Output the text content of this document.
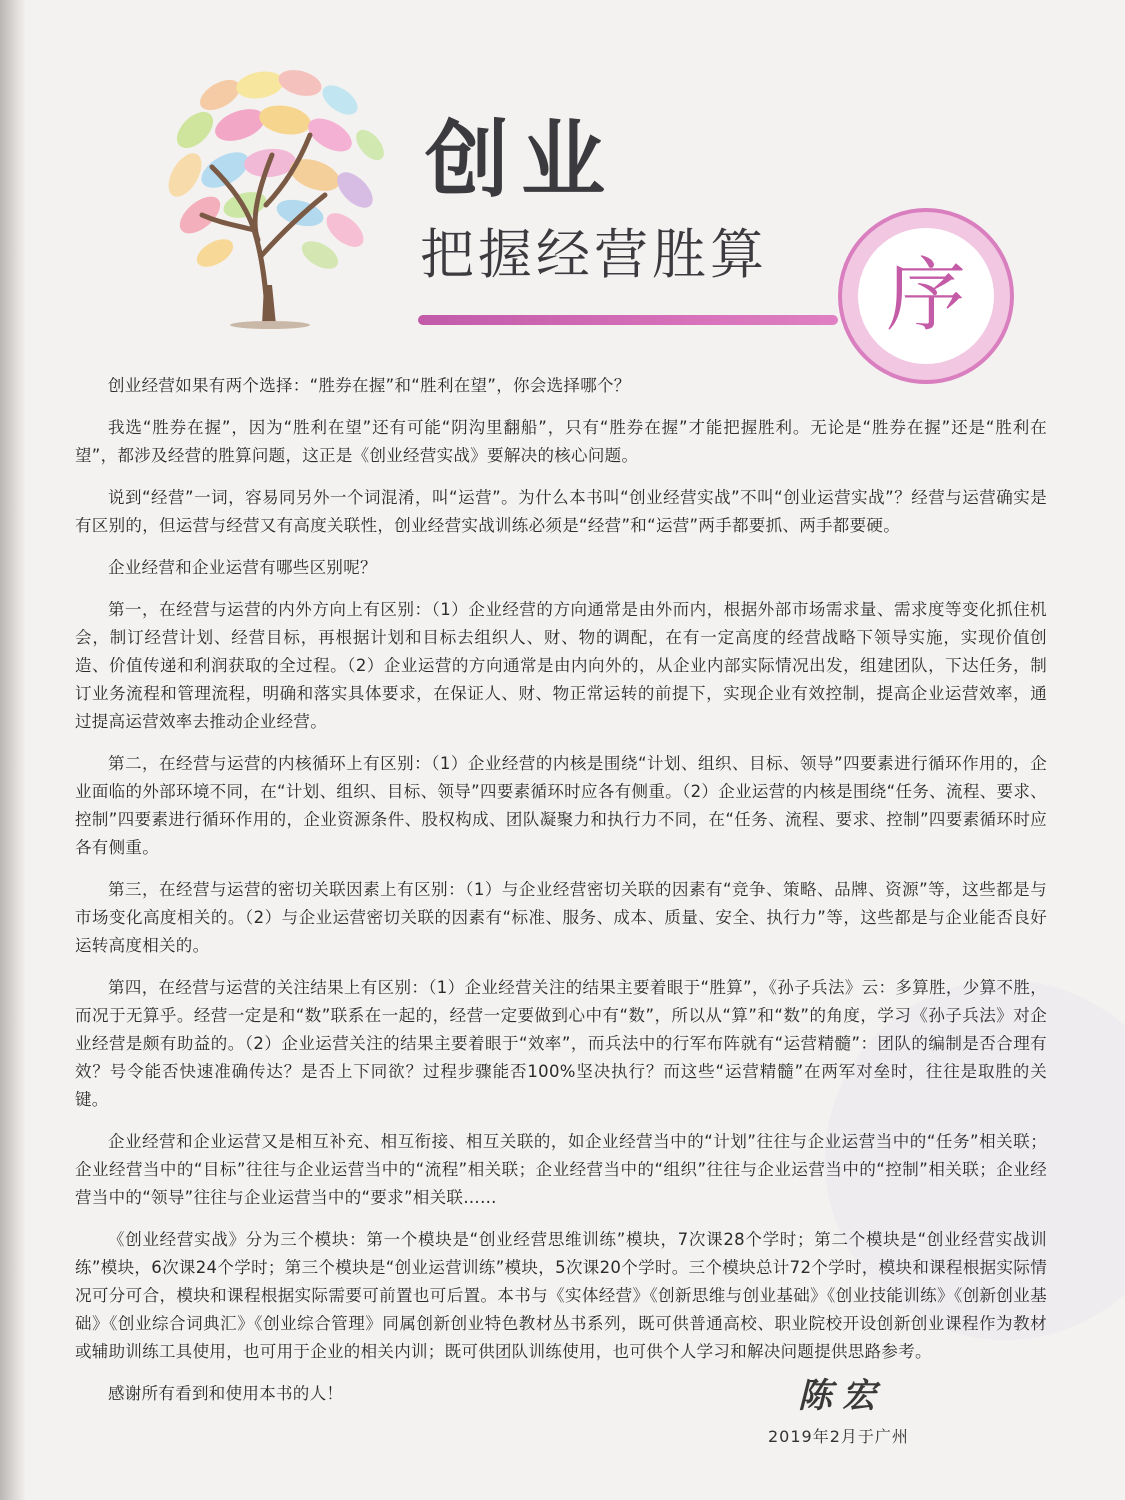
创业
把握经营胜算 序

创业经营如果有两个选择：“胜券在握”和“胜利在望”，你会选择哪个？

我选“胜券在握”，因为“胜利在望”还有可能“阴沟里翻船”，只有“胜券在握”才能把握胜利。无论是“胜券在握”还是“胜利在望”，都涉及经营的胜算问题，这正是《创业经营实战》要解决的核心问题。

说到“经营”一词，容易同另外一个词混淆，叫“运营”。为什么本书叫“创业经营实战”不叫“创业运营实战”？经营与运营确实是有区别的，但运营与经营又有高度关联性，创业经营实战训练必须是“经营”和“运营”两手都要抓、两手都要硬。

企业经营和企业运营有哪些区别呢？

第一，在经营与运营的内外方向上有区别：（1）企业经营的方向通常是由外而内，根据外部市场需求量、需求度等变化抓住机会，制订经营计划、经营目标，再根据计划和目标去组织人、财、物的调配，在有一定高度的经营战略下领导实施，实现价值创造、价值传递和利润获取的全过程。（2）企业运营的方向通常是由内向外的，从企业内部实际情况出发，组建团队，下达任务，制订业务流程和管理流程，明确和落实具体要求，在保证人、财、物正常运转的前提下，实现企业有效控制，提高企业运营效率，通过提高运营效率去推动企业经营。

第二，在经营与运营的内核循环上有区别：（1）企业经营的内核是围绕“计划、组织、目标、领导”四要素进行循环作用的，企业面临的外部环境不同，在“计划、组织、目标、领导”四要素循环时应各有侧重。（2）企业运营的内核是围绕“任务、流程、要求、控制”四要素进行循环作用的，企业资源条件、股权构成、团队凝聚力和执行力不同，在“任务、流程、要求、控制”四要素循环时应各有侧重。

第三，在经营与运营的密切关联因素上有区别：（1）与企业经营密切关联的因素有“竞争、策略、品牌、资源”等，这些都是与市场变化高度相关的。（2）与企业运营密切关联的因素有“标准、服务、成本、质量、安全、执行力”等，这些都是与企业能否良好运转高度相关的。

第四，在经营与运营的关注结果上有区别：（1）企业经营关注的结果主要着眼于“胜算”，《孙子兵法》云：多算胜，少算不胜，而况于无算乎。经营一定是和“数”联系在一起的，经营一定要做到心中有“数”，所以从“算”和“数”的角度，学习《孙子兵法》对企业经营是颇有助益的。（2）企业运营关注的结果主要着眼于“效率”，而兵法中的行军布阵就有“运营精髓”：团队的编制是否合理有效？号令能否快速准确传达？是否上下同欲？过程步骤能否100%坚决执行？而这些“运营精髓”在两军对垒时，往往是取胜的关键。

企业经营和企业运营又是相互补充、相互衔接、相互关联的，如企业经营当中的“计划”往往与企业运营当中的“任务”相关联；企业经营当中的“目标”往往与企业运营当中的“流程”相关联；企业经营当中的“组织”往往与企业运营当中的“控制”相关联；企业经营当中的“领导”往往与企业运营当中的“要求”相关联……

《创业经营实战》分为三个模块：第一个模块是“创业经营思维训练”模块，7次课28个学时；第二个模块是“创业经营实战训练”模块，6次课24个学时；第三个模块是“创业运营训练”模块，5次课20个学时。三个模块总计72个学时，模块和课程根据实际情况可分可合，模块和课程根据实际需要可前置也可后置。本书与《实体经营》《创新思维与创业基础》《创业技能训练》《创新创业基础》《创业综合词典汇》《创业综合管理》同属创新创业特色教材丛书系列，既可供普通高校、职业院校开设创新创业课程作为教材或辅助训练工具使用，也可用于企业的相关内训；既可供团队训练使用，也可供个人学习和解决问题提供思路参考。

感谢所有看到和使用本书的人！	陈宏

2019年2月于广州
